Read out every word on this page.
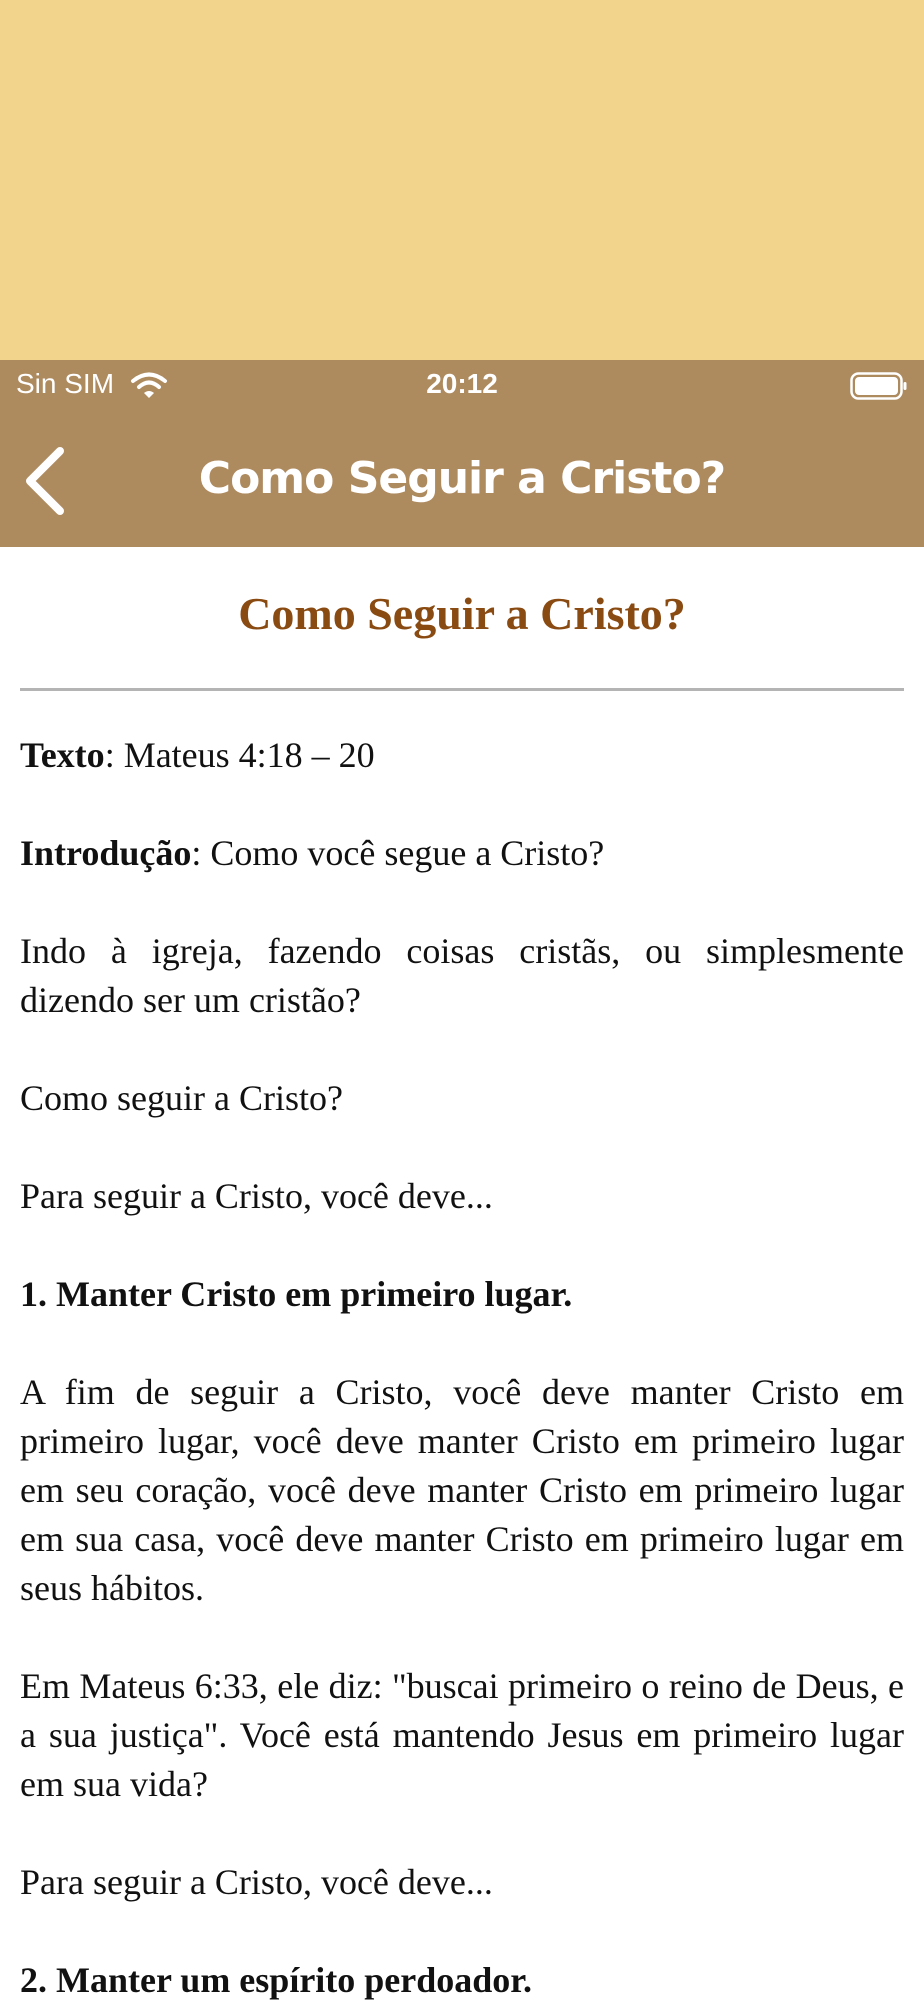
Sin SIM	20:12
Como Seguir a Cristo?
Como Seguir a Cristo?

Texto: Mateus 4:18 – 20

Introdução: Como você segue a Cristo?

Indo à igreja, fazendo coisas cristãs, ou simplesmente dizendo ser um cristão?

Como seguir a Cristo?

Para seguir a Cristo, você deve...

1. Manter Cristo em primeiro lugar.

A fim de seguir a Cristo, você deve manter Cristo em primeiro lugar, você deve manter Cristo em primeiro lugar em seu coração, você deve manter Cristo em primeiro lugar em sua casa, você deve manter Cristo em primeiro lugar em seus hábitos.

Em Mateus 6:33, ele diz: "buscai primeiro o reino de Deus, e a sua justiça". Você está mantendo Jesus em primeiro lugar em sua vida?

Para seguir a Cristo, você deve...

2. Manter um espírito perdoador.
